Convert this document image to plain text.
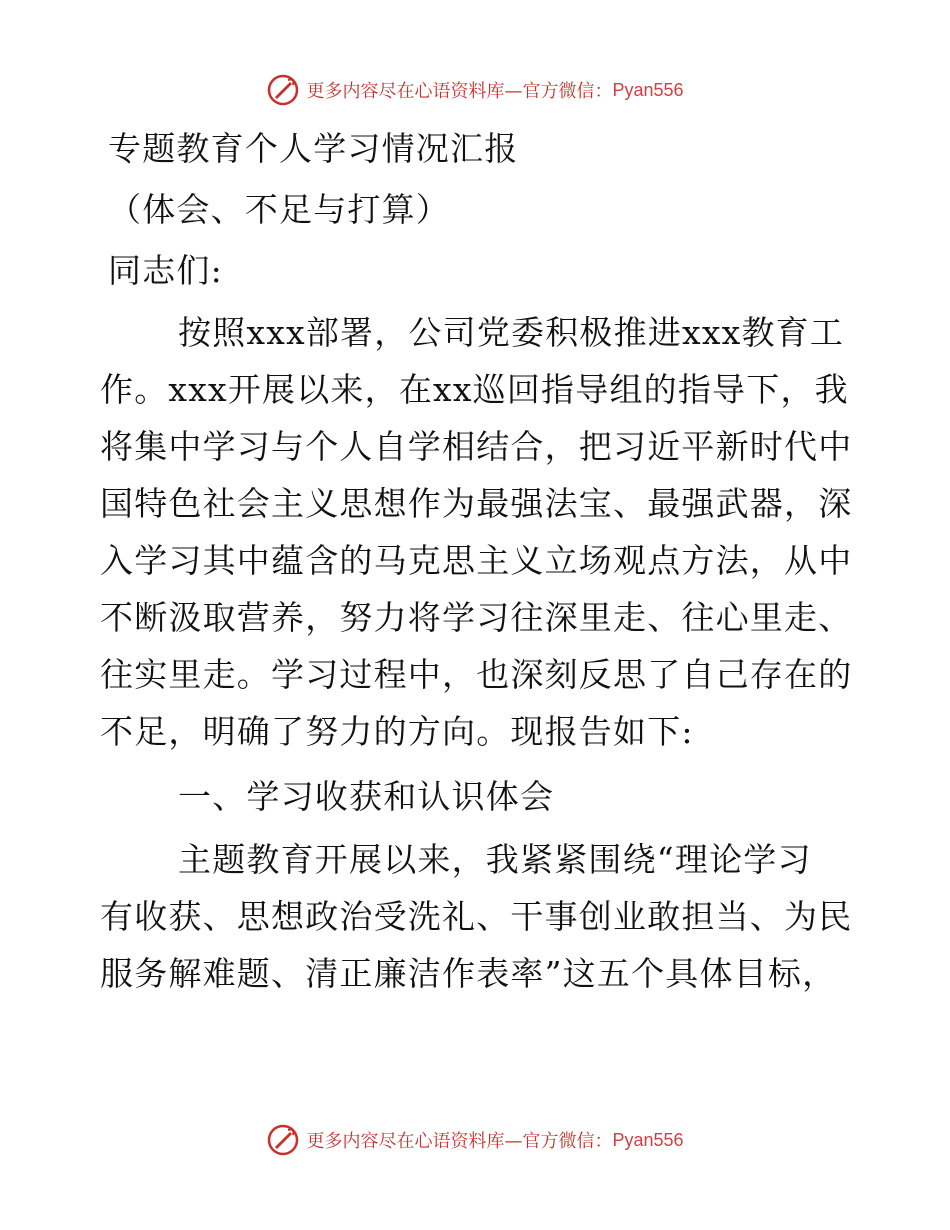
更多内容尽在心语资料库—官方微信： Pyan556
专题教育个人学习情况汇报
（体会、不足与打算）
同志们:
按照xxx部署，公司党委积极推进xxx教育工
作。xxx开展以来，在xx巡回指导组的指导下，我
将集中学习与个人自学相结合，把习近平新时代中
国特色社会主义思想作为最强法宝、最强武器，深
入学习其中蕴含的马克思主义立场观点方法，从中
不断汲取营养，努力将学习往深里走、往心里走、
往实里走。学习过程中，也深刻反思了自己存在的
不足，明确了努力的方向。现报告如下:
一、学习收获和认识体会
主题教育开展以来，我紧紧围绕“理论学习
有收获、思想政治受洗礼、干事创业敢担当、为民
服务解难题、清正廉洁作表率”这五个具体目标，
更多内容尽在心语资料库—官方微信： Pyan556
